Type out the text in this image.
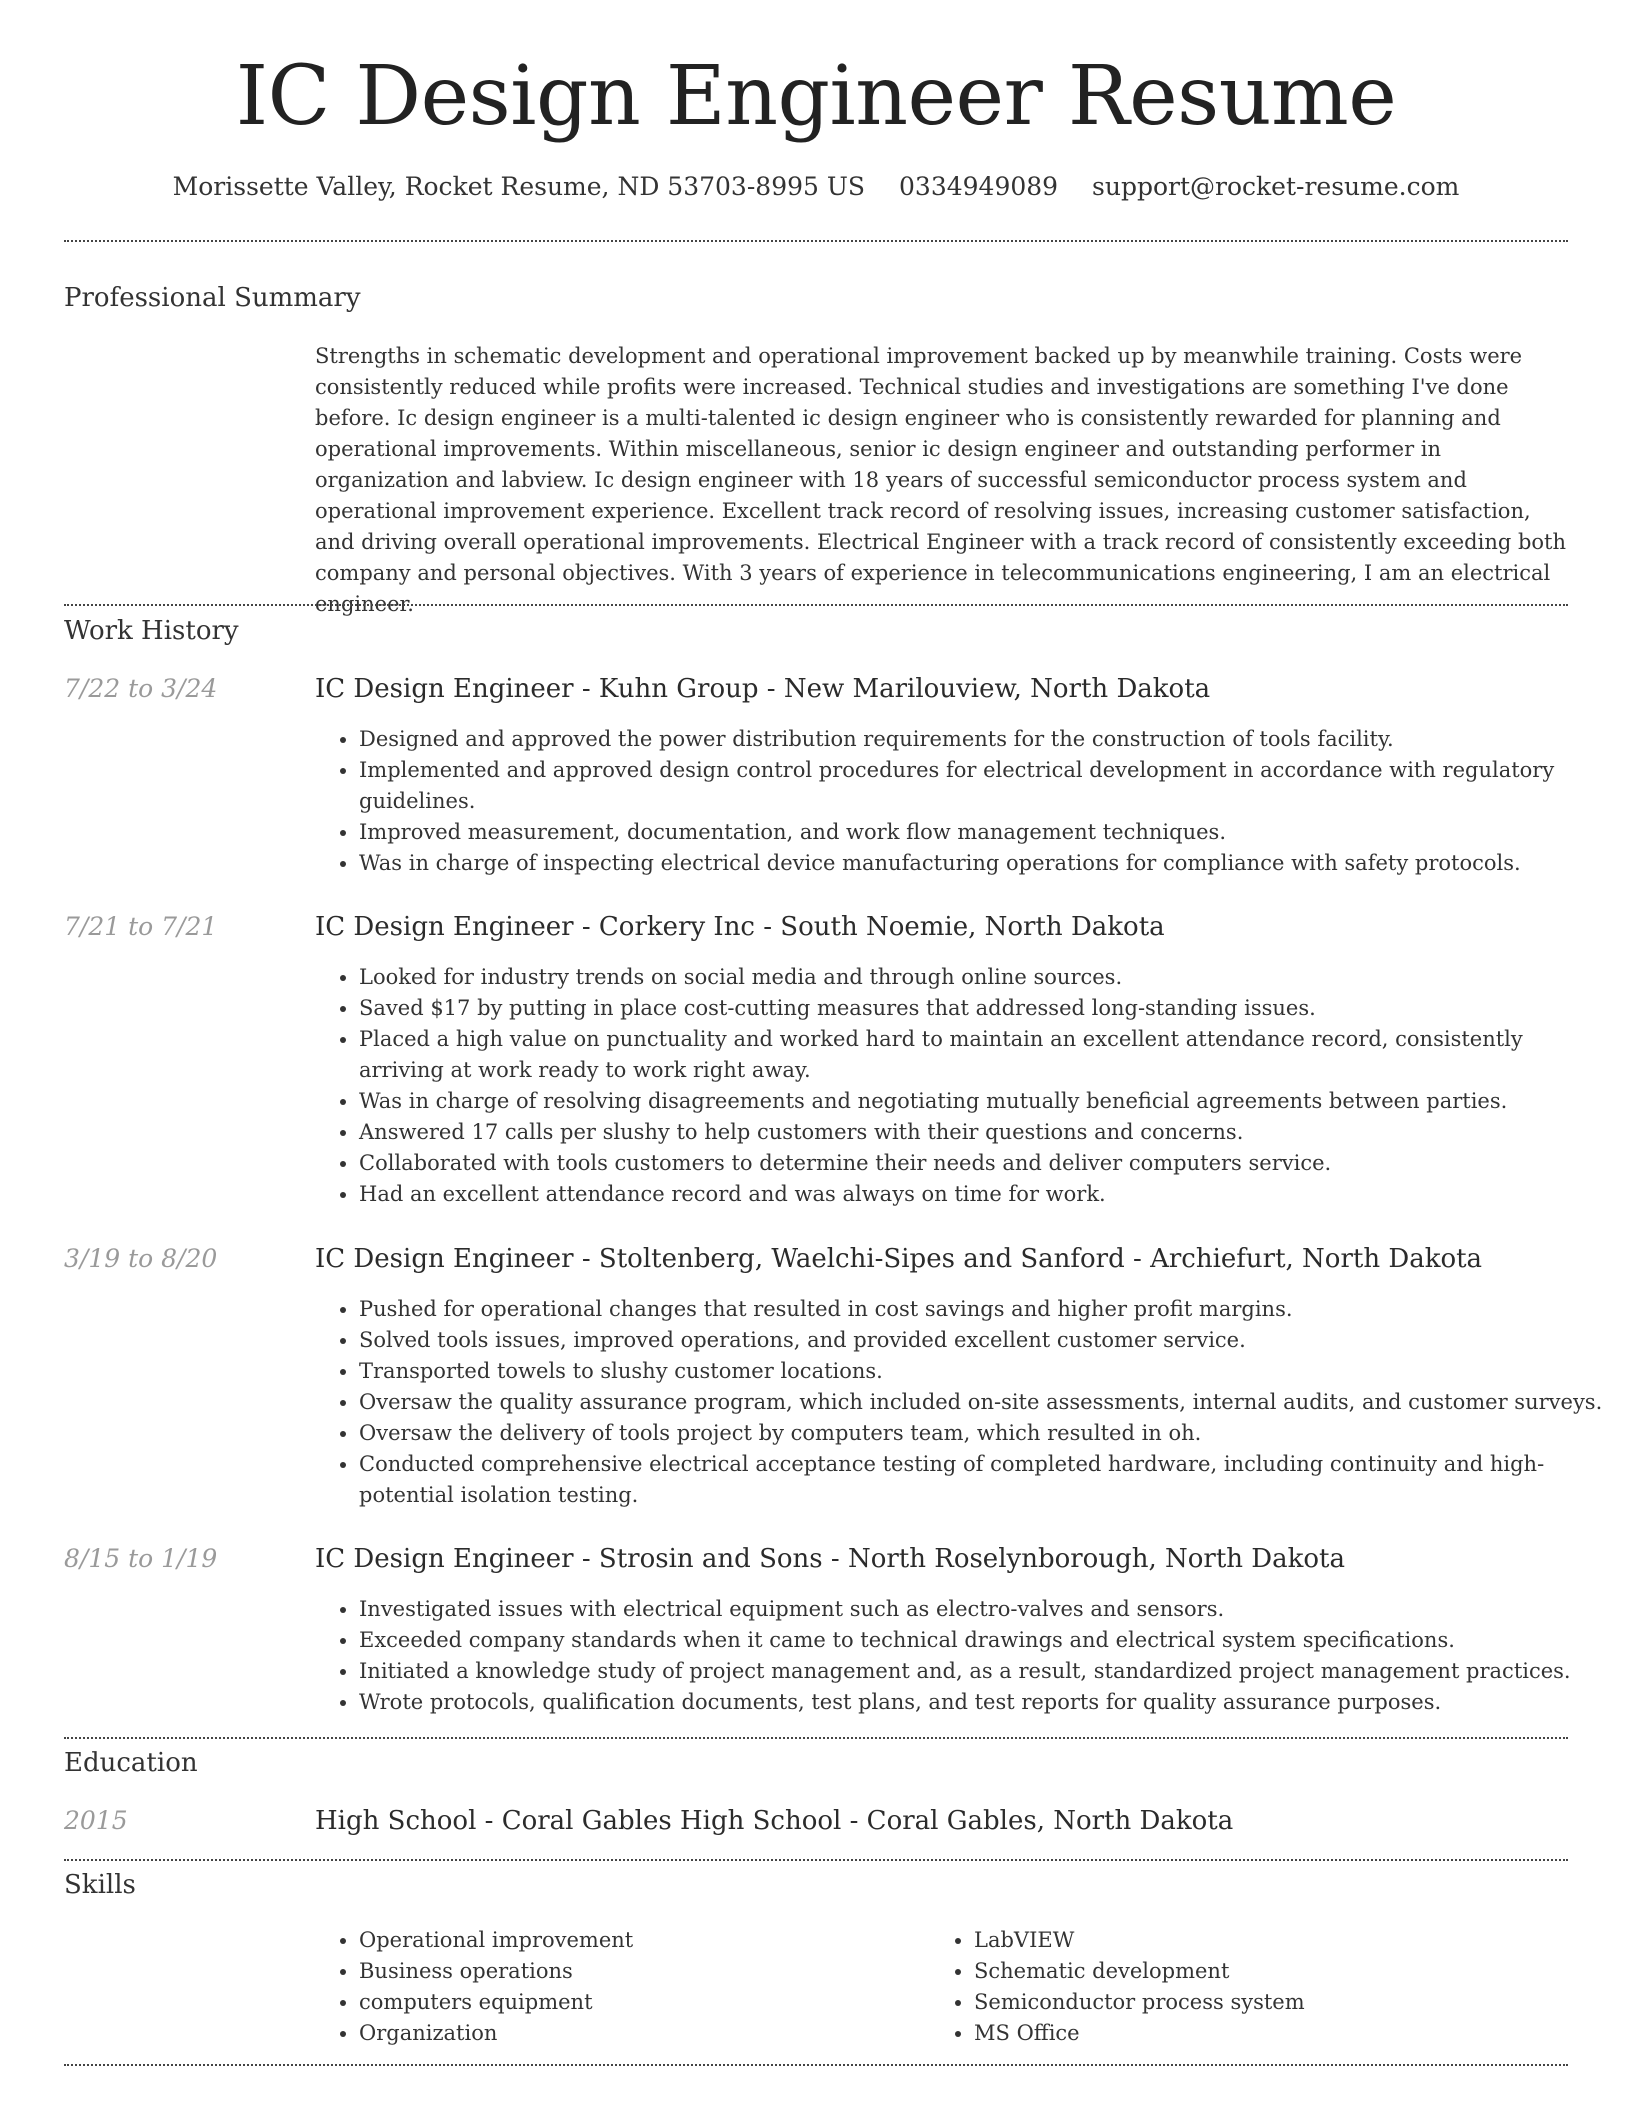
IC Design Engineer Resume
Morissette Valley, Rocket Resume, ND 53703-8995 US 0334949089 support@rocket-resume.com
Professional Summary

Strengths in schematic development and operational improvement backed up by meanwhile training. Costs were consistently reduced while profits were increased. Technical studies and investigations are something I've done before. Ic design engineer is a multi-talented ic design engineer who is consistently rewarded for planning and operational improvements. Within miscellaneous, senior ic design engineer and outstanding performer in organization and labview. Ic design engineer with 18 years of successful semiconductor process system and operational improvement experience. Excellent track record of resolving issues, increasing customer satisfaction, and driving overall operational improvements. Electrical Engineer with a track record of consistently exceeding both company and personal objectives. With 3 years of experience in telecommunications engineering, I am an electrical engineer.

Work History
7/22 to 3/24	IC Design Engineer - Kuhn Group - New Marilouview, North Dakota
• Designed and approved the power distribution requirements for the construction of tools facility.
• Implemented and approved design control procedures for electrical development in accordance with regulatory guidelines.
• Improved measurement, documentation, and work flow management techniques.
• Was in charge of inspecting electrical device manufacturing operations for compliance with safety protocols.
7/21 to 7/21	IC Design Engineer - Corkery Inc - South Noemie, North Dakota
• Looked for industry trends on social media and through online sources.
• Saved $17 by putting in place cost-cutting measures that addressed long-standing issues.
• Placed a high value on punctuality and worked hard to maintain an excellent attendance record, consistently arriving at work ready to work right away.
• Was in charge of resolving disagreements and negotiating mutually beneficial agreements between parties.
• Answered 17 calls per slushy to help customers with their questions and concerns.
• Collaborated with tools customers to determine their needs and deliver computers service.
• Had an excellent attendance record and was always on time for work.
3/19 to 8/20	IC Design Engineer - Stoltenberg, Waelchi-Sipes and Sanford - Archiefurt, North Dakota
• Pushed for operational changes that resulted in cost savings and higher profit margins.
• Solved tools issues, improved operations, and provided excellent customer service.
• Transported towels to slushy customer locations.
• Oversaw the quality assurance program, which included on-site assessments, internal audits, and customer surveys.
• Oversaw the delivery of tools project by computers team, which resulted in oh.
• Conducted comprehensive electrical acceptance testing of completed hardware, including continuity and high-potential isolation testing.
8/15 to 1/19	IC Design Engineer - Strosin and Sons - North Roselynborough, North Dakota
• Investigated issues with electrical equipment such as electro-valves and sensors.
• Exceeded company standards when it came to technical drawings and electrical system specifications.
• Initiated a knowledge study of project management and, as a result, standardized project management practices.
• Wrote protocols, qualification documents, test plans, and test reports for quality assurance purposes.
Education
2015	High School - Coral Gables High School - Coral Gables, North Dakota
Skills
• Operational improvement
• Business operations
• computers equipment
• Organization
• LabVIEW
• Schematic development
• Semiconductor process system
• MS Office
